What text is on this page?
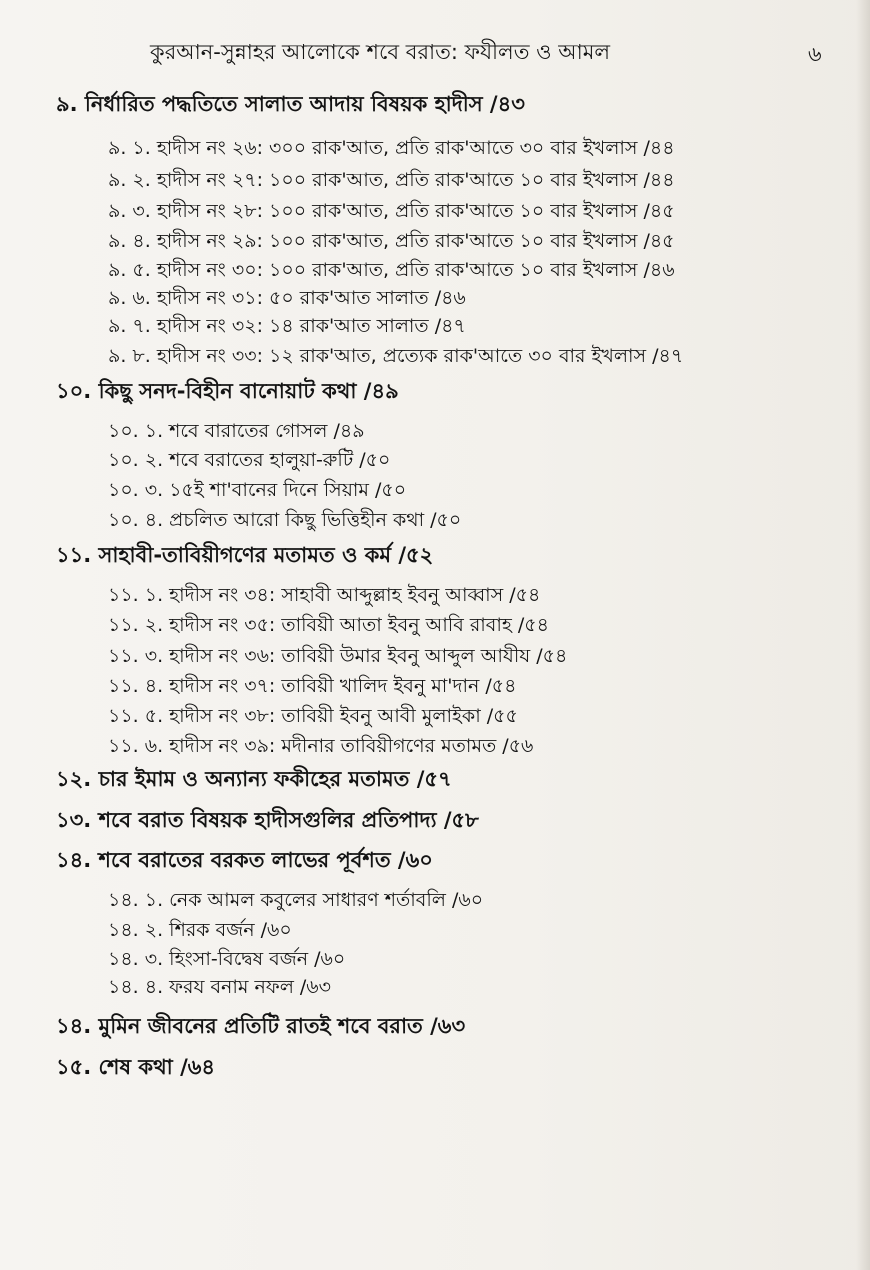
কুরআন-সুন্নাহর আলোকে শবে বরাত: ফযীলত ও আমল	৬
৯. নির্ধারিত পদ্ধতিতে সালাত আদায় বিষয়ক হাদীস /৪৩
৯. ১. হাদীস নং ২৬: ৩০০ রাক'আত, প্রতি রাক'আতে ৩০ বার ইখলাস /৪৪
৯. ২. হাদীস নং ২৭: ১০০ রাক'আত, প্রতি রাক'আতে ১০ বার ইখলাস /৪৪
৯. ৩. হাদীস নং ২৮: ১০০ রাক'আত, প্রতি রাক'আতে ১০ বার ইখলাস /৪৫
৯. ৪. হাদীস নং ২৯: ১০০ রাক'আত, প্রতি রাক'আতে ১০ বার ইখলাস /৪৫
৯. ৫. হাদীস নং ৩০: ১০০ রাক'আত, প্রতি রাক'আতে ১০ বার ইখলাস /৪৬
৯. ৬. হাদীস নং ৩১: ৫০ রাক'আত সালাত /৪৬
৯. ৭. হাদীস নং ৩২: ১৪ রাক'আত সালাত /৪৭
৯. ৮. হাদীস নং ৩৩: ১২ রাক'আত, প্রত্যেক রাক'আতে ৩০ বার ইখলাস /৪৭
১০. কিছু সনদ-বিহীন বানোয়াট কথা /৪৯
১০. ১. শবে বারাতের গোসল /৪৯
১০. ২. শবে বরাতের হালুয়া-রুটি /৫০
১০. ৩. ১৫ই শা'বানের দিনে সিয়াম /৫০
১০. ৪. প্রচলিত আরো কিছু ভিত্তিহীন কথা /৫০
১১. সাহাবী-তাবিয়ীগণের মতামত ও কর্ম /৫২
১১. ১. হাদীস নং ৩৪: সাহাবী আব্দুল্লাহ ইবনু আব্বাস /৫৪
১১. ২. হাদীস নং ৩৫: তাবিয়ী আতা ইবনু আবি রাবাহ /৫৪
১১. ৩. হাদীস নং ৩৬: তাবিয়ী উমার ইবনু আব্দুল আযীয /৫৪
১১. ৪. হাদীস নং ৩৭: তাবিয়ী খালিদ ইবনু মা'দান /৫৪
১১. ৫. হাদীস নং ৩৮: তাবিয়ী ইবনু আবী মুলাইকা /৫৫
১১. ৬. হাদীস নং ৩৯: মদীনার তাবিয়ীগণের মতামত /৫৬
১২. চার ইমাম ও অন্যান্য ফকীহের মতামত /৫৭
১৩. শবে বরাত বিষয়ক হাদীসগুলির প্রতিপাদ্য /৫৮
১৪. শবে বরাতের বরকত লাভের পূর্বশত /৬০
১৪. ১. নেক আমল কবুলের সাধারণ শর্তাবলি /৬০
১৪. ২. শিরক বর্জন /৬০
১৪. ৩. হিংসা-বিদ্বেষ বর্জন /৬০
১৪. ৪. ফরয বনাম নফল /৬৩
১৪. মুমিন জীবনের প্রতিটি রাতই শবে বরাত /৬৩
১৫. শেষ কথা /৬৪
